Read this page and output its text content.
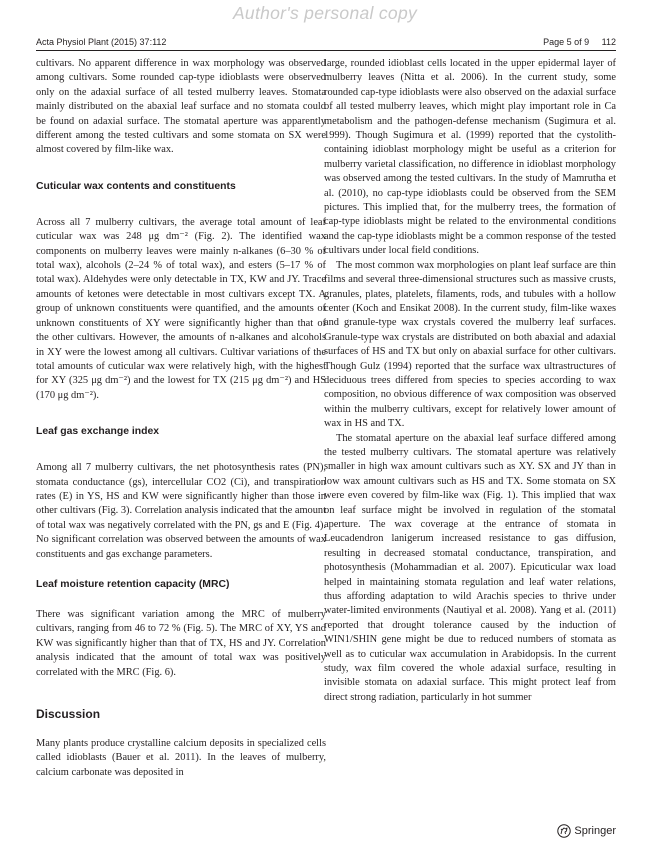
Author's personal copy
Acta Physiol Plant (2015) 37:112	Page 5 of 9 112

cultivars. No apparent difference in wax morphology was observed among cultivars. Some rounded cap-type idioblasts were observed only on the adaxial surface of all tested mulberry leaves. Stomata mainly distributed on the abaxial leaf surface and no stomata could be found on adaxial surface. The stomatal aperture was apparently different among the tested cultivars and some stomata on SX were almost covered by film-like wax.

Cuticular wax contents and constituents

Across all 7 mulberry cultivars, the average total amount of leaf cuticular wax was 248 μg dm⁻² (Fig. 2). The identified wax components on mulberry leaves were mainly n-alkanes (6–30 % of total wax), alcohols (2–24 % of total wax), and esters (5–17 % of total wax). Aldehydes were only detectable in TX, KW and JY. Trace amounts of ketones were detectable in most cultivars except TX. A group of unknown constituents were quantified, and the amounts of unknown constituents of XY were significantly higher than that of the other cultivars. However, the amounts of n-alkanes and alcohols in XY were the lowest among all cultivars. Cultivar variations of the total amounts of cuticular wax were relatively high, with the highest for XY (325 μg dm⁻²) and the lowest for TX (215 μg dm⁻²) and HS (170 μg dm⁻²).

Leaf gas exchange index

Among all 7 mulberry cultivars, the net photosynthesis rates (PN), stomata conductance (gs), intercellular CO2 (Ci), and transpiration rates (E) in YS, HS and KW were significantly higher than those in other cultivars (Fig. 3). Correlation analysis indicated that the amount of total wax was negatively correlated with the PN, gs and E (Fig. 4). No significant correlation was observed between the amounts of wax constituents and gas exchange parameters.

Leaf moisture retention capacity (MRC)

There was significant variation among the MRC of mulberry cultivars, ranging from 46 to 72 % (Fig. 5). The MRC of XY, YS and KW was significantly higher than that of TX, HS and JY. Correlation analysis indicated that the amount of total wax was positively correlated with the MRC (Fig. 6).

Discussion

Many plants produce crystalline calcium deposits in specialized cells called idioblasts (Bauer et al. 2011). In the leaves of mulberry, calcium carbonate was deposited in

large, rounded idioblast cells located in the upper epidermal layer of mulberry leaves (Nitta et al. 2006). In the current study, some rounded cap-type idioblasts were also observed on the adaxial surface of all tested mulberry leaves, which might play important role in Ca metabolism and the pathogen-defense mechanism (Sugimura et al. 1999). Though Sugimura et al. (1999) reported that the cystolith-containing idioblast morphology might be useful as a criterion for mulberry varietal classification, no difference in idioblast morphology was observed among the tested cultivars. In the study of Mamrutha et al. (2010), no cap-type idioblasts could be observed from the SEM pictures. This implied that, for the mulberry trees, the formation of cap-type idioblasts might be related to the environmental conditions and the cap-type idioblasts might be a common response of the tested cultivars under local field conditions.

The most common wax morphologies on plant leaf surface are thin films and several three-dimensional structures such as massive crusts, granules, plates, platelets, filaments, rods, and tubules with a hollow center (Koch and Ensikat 2008). In the current study, film-like waxes and granule-type wax crystals covered the mulberry leaf surfaces. Granule-type wax crystals are distributed on both abaxial and adaxial surfaces of HS and TX but only on abaxial surface for other cultivars. Though Gulz (1994) reported that the surface wax ultrastructures of deciduous trees differed from species to species according to wax composition, no obvious difference of wax composition was observed within the mulberry cultivars, except for relatively lower amount of wax in HS and TX.

The stomatal aperture on the abaxial leaf surface differed among the tested mulberry cultivars. The stomatal aperture was relatively smaller in high wax amount cultivars such as XY. SX and JY than in low wax amount cultivars such as HS and TX. Some stomata on SX were even covered by film-like wax (Fig. 1). This implied that wax on leaf surface might be involved in regulation of the stomatal aperture. The wax coverage at the entrance of stomata in Leucadendron lanigerum increased resistance to gas diffusion, resulting in decreased stomatal conductance, transpiration, and photosynthesis (Mohammadian et al. 2007). Epicuticular wax load helped in maintaining stomata regulation and leaf water relations, thus affording adaptation to wild Arachis species to thrive under water-limited environments (Nautiyal et al. 2008). Yang et al. (2011) reported that drought tolerance caused by the induction of WIN1/SHIN gene might be due to reduced numbers of stomata as well as to cuticular wax accumulation in Arabidopsis. In the current study, wax film covered the whole adaxial surface, resulting in invisible stomata on adaxial surface. This might protect leaf from direct strong radiation, particularly in hot summer

Springer
